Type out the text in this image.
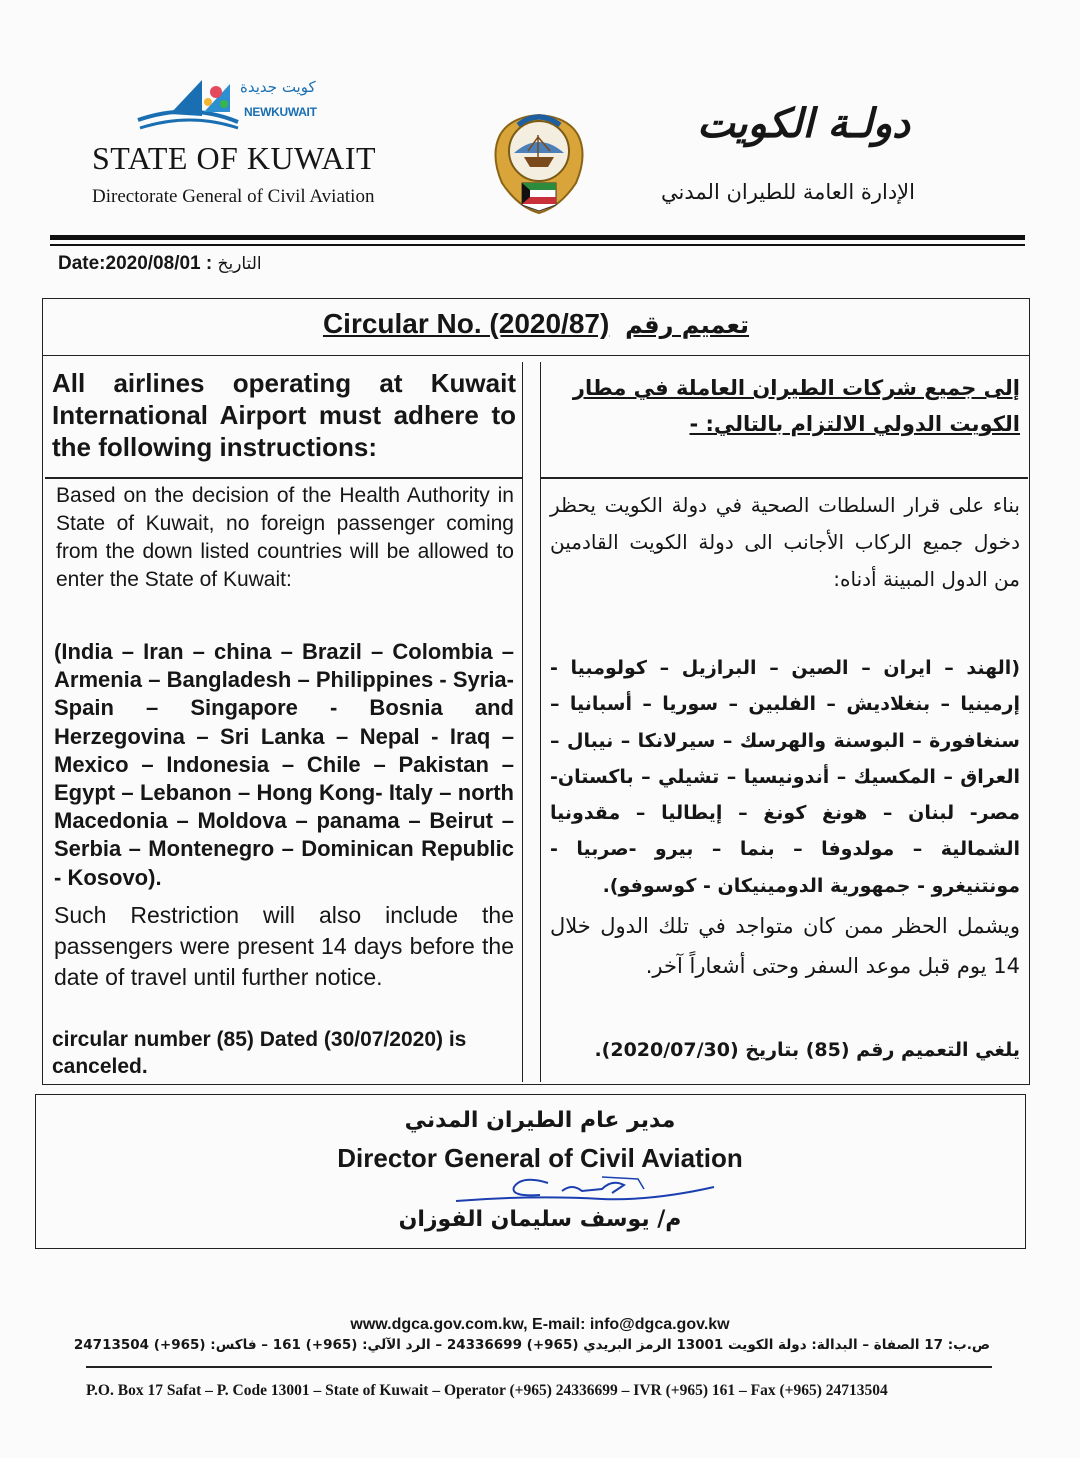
كويت جديدة
NEWKUWAIT
STATE OF KUWAIT
Directorate General of Civil Aviation
دولـة الكويت
الإدارة العامة للطيران المدني
Date:2020/08/01 : التاريخ
Circular No. (2020/87) تعميم رقم
All airlines operating at Kuwait International Airport must adhere to the following instructions:
إلى جميع شركات الطيران العاملة في مطار الكويت الدولي الالتزام بالتالي: -
Based on the decision of the Health Authority in State of Kuwait, no foreign passenger coming from the down listed countries will be allowed to enter the State of Kuwait:
بناء على قرار السلطات الصحية في دولة الكويت يحظر دخول جميع الركاب الأجانب الى دولة الكويت القادمين من الدول المبينة أدناه:
(India – Iran – china – Brazil – Colombia – Armenia – Bangladesh – Philippines - Syria-Spain – Singapore - Bosnia and Herzegovina – Sri Lanka – Nepal - Iraq – Mexico – Indonesia – Chile – Pakistan – Egypt – Lebanon – Hong Kong- Italy – north Macedonia – Moldova – panama – Beirut – Serbia – Montenegro – Dominican Republic - Kosovo).
(الهند – ايران – الصين – البرازيل – كولومبيا - إرمينيا – بنغلاديش – الفلبين – سوريا – أسبانيا – سنغافورة – البوسنة والهرسك – سيرلانكا – نيبال – العراق – المكسيك – أندونيسيا – تشيلي – باكستان- مصر- لبنان – هونغ كونغ – إيطاليا – مقدونيا الشمالية – مولدوفا – بنما – بيرو -صربيا - مونتنيغرو - جمهورية الدومينيكان - كوسوفو).
Such Restriction will also include the passengers were present 14 days before the date of travel until further notice.
ويشمل الحظر ممن كان متواجد في تلك الدول خلال 14 يوم قبل موعد السفر وحتى أشعاراً آخر.
circular number (85) Dated (30/07/2020) is canceled.
يلغي التعميم رقم (85) بتاريخ (2020/07/30).
مدير عام الطيران المدني
Director General of Civil Aviation
م/ يوسف سليمان الفوزان
www.dgca.gov.com.kw, E-mail: info@dgca.gov.kw
ص.ب: 17 الصفاة – البدالة: دولة الكويت 13001 الرمز البريدي (965+) 24336699 – الرد الآلي: (965+) 161 – فاكس: (965+) 24713504
P.O. Box 17 Safat – P. Code 13001 – State of Kuwait – Operator (+965) 24336699 – IVR (+965) 161 – Fax (+965) 24713504
